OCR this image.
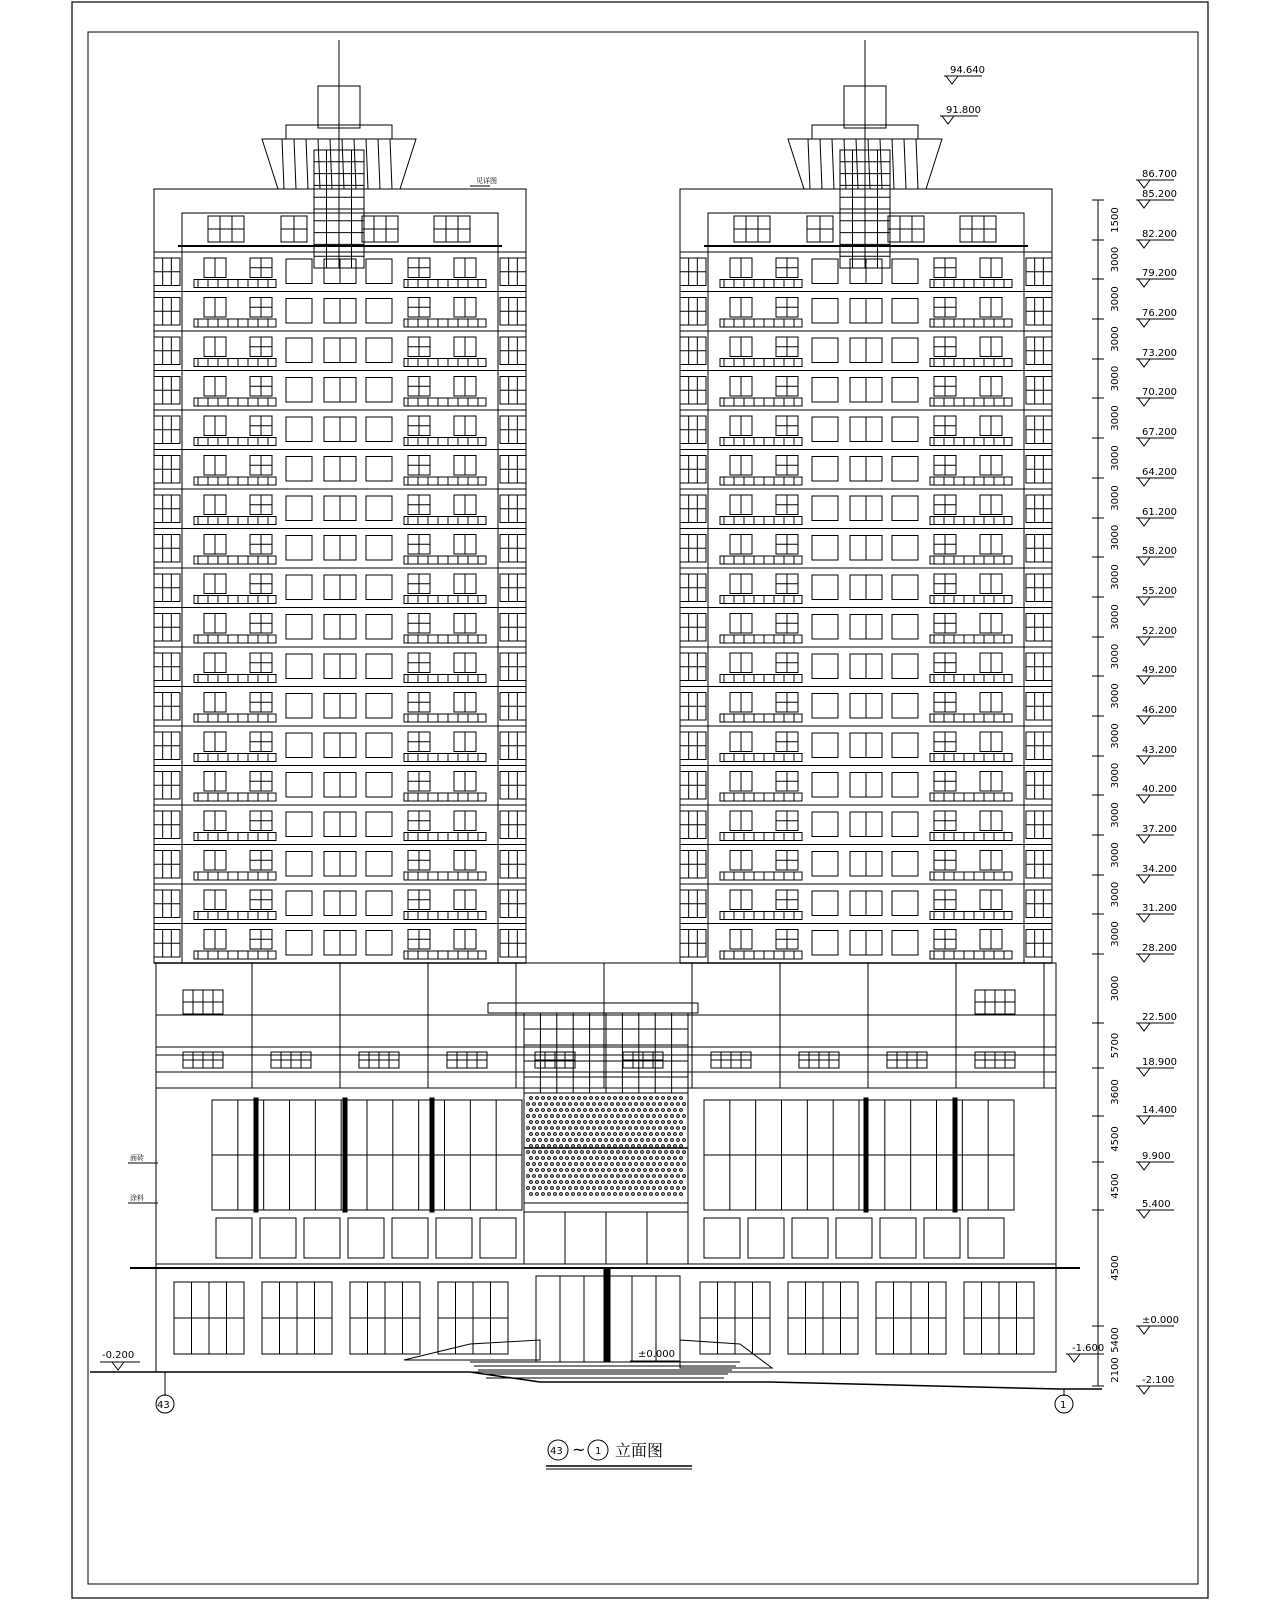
94.640
91.800
86.700
85.200
82.200
79.200
76.200
73.200
70.200
67.200
64.200
61.200
58.200
55.200
52.200
49.200
46.200
43.200
40.200
37.200
34.200
31.200
28.200
22.500
18.900
14.400
9.900
5.400
±0.000
-1.600
-2.100
1500
3000
3000
3000
3000
3000
3000
3000
3000
3000
3000
3000
3000
3000
3000
3000
3000
3000
3000
3000
5700
3600
4500
4500
4500
5400
2100
-0.200
43	1
±0.000
43 ~ 1 立面图
见详图
面砖
涂料
